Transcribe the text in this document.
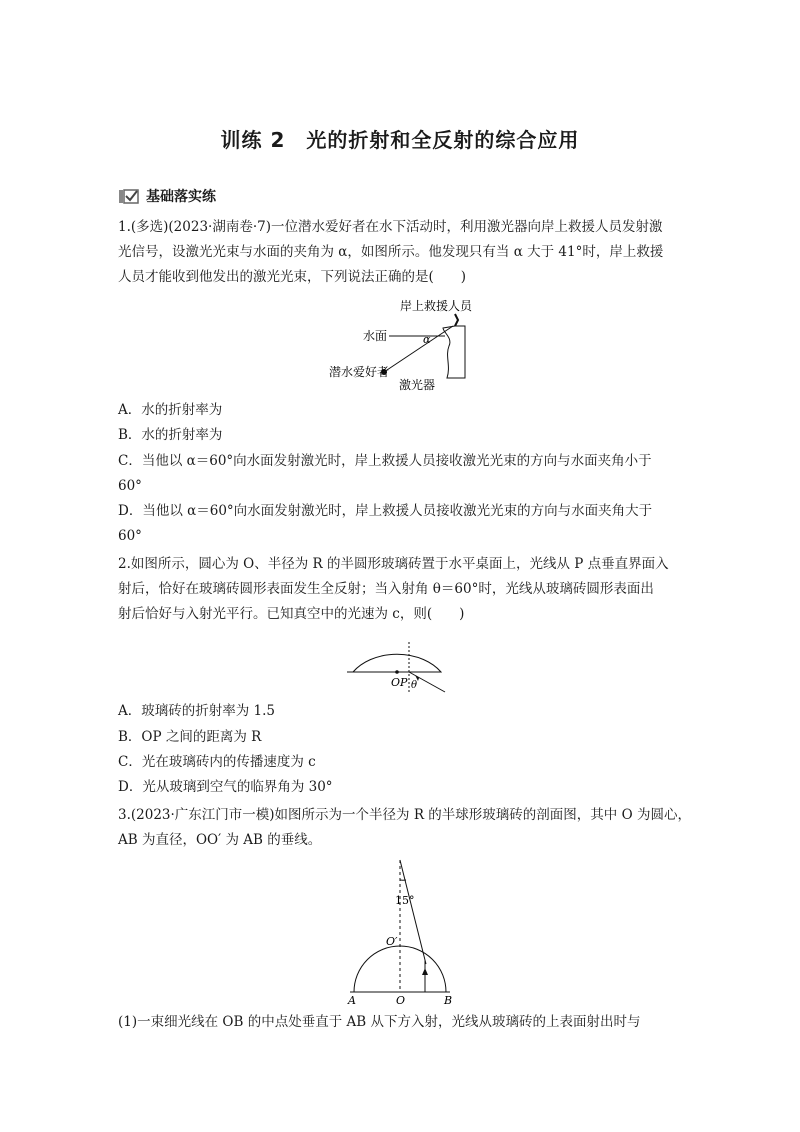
训练 2　光的折射和全反射的综合应用
基础落实练
1.(多选)(2023·湖南卷·7)一位潜水爱好者在水下活动时，利用激光器向岸上救援人员发射激
光信号，设激光光束与水面的夹角为 α，如图所示。他发现只有当 α 大于 41°时，岸上救援
人员才能收到他发出的激光光束，下列说法正确的是(　　)
岸上救援人员
水面	α
潜水爱好者
激光器
A．水的折射率为
B．水的折射率为
C．当他以 α＝60°向水面发射激光时，岸上救援人员接收激光光束的方向与水面夹角小于
60°
D．当他以 α＝60°向水面发射激光时，岸上救援人员接收激光光束的方向与水面夹角大于
60°
2.如图所示，圆心为 O、半径为 R 的半圆形玻璃砖置于水平桌面上，光线从 P 点垂直界面入
射后，恰好在玻璃砖圆形表面发生全反射；当入射角 θ＝60°时，光线从玻璃砖圆形表面出
射后恰好与入射光平行。已知真空中的光速为 c，则(　　)
O P θ
A．玻璃砖的折射率为 1.5
B．OP 之间的距离为 R
C．光在玻璃砖内的传播速度为 c
D．光从玻璃到空气的临界角为 30°
3.(2023·广东江门市一模)如图所示为一个半径为 R 的半球形玻璃砖的剖面图，其中 O 为圆心，
AB 为直径，OO′ 为 AB 的垂线。
15°
O′
A	O	B
(1)一束细光线在 OB 的中点处垂直于 AB 从下方入射，光线从玻璃砖的上表面射出时与
